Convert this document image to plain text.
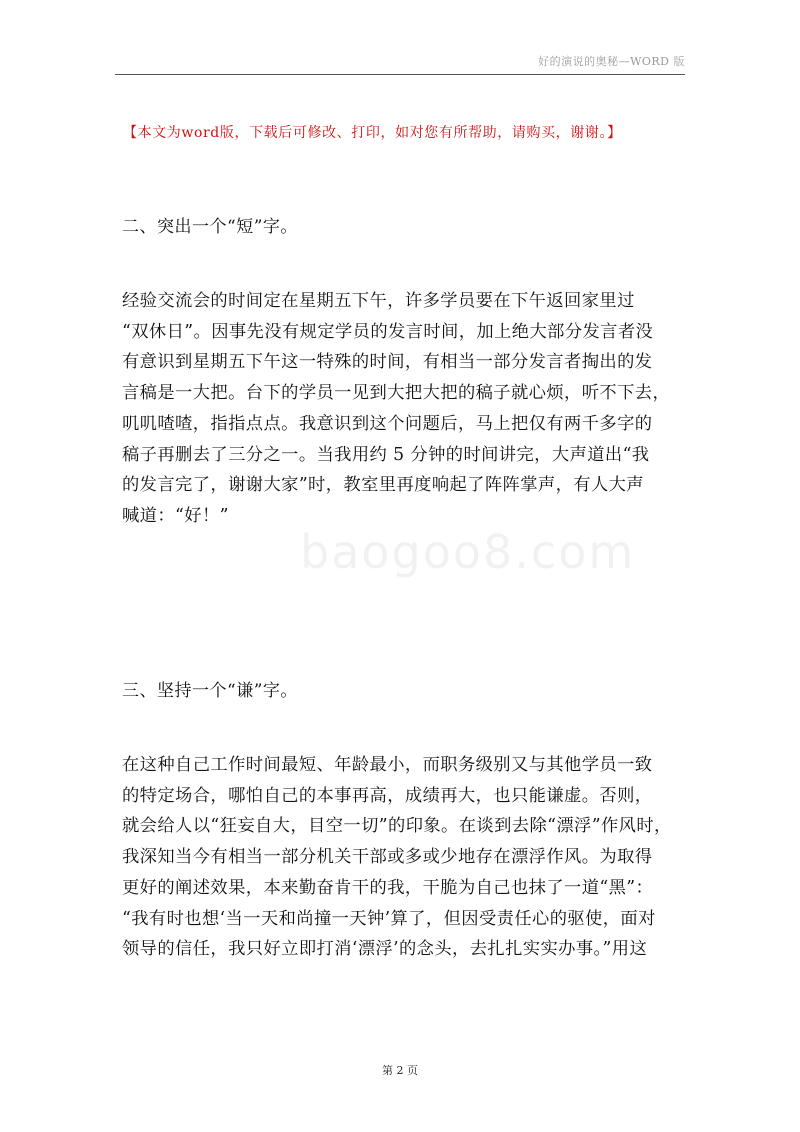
好的演说的奥秘—WORD 版
【本文为word版，下载后可修改、打印，如对您有所帮助，请购买，谢谢。】
二、突出一个“短”字。
经验交流会的时间定在星期五下午，许多学员要在下午返回家里过
“双休日”。因事先没有规定学员的发言时间，加上绝大部分发言者没
有意识到星期五下午这一特殊的时间，有相当一部分发言者掏出的发
言稿是一大把。台下的学员一见到大把大把的稿子就心烦，听不下去，
叽叽喳喳，指指点点。我意识到这个问题后，马上把仅有两千多字的
稿子再删去了三分之一。当我用约 5 分钟的时间讲完，大声道出“我
的发言完了，谢谢大家”时，教室里再度响起了阵阵掌声，有人大声
喊道：“好！”
三、坚持一个“谦”字。
在这种自己工作时间最短、年龄最小，而职务级别又与其他学员一致
的特定场合，哪怕自己的本事再高，成绩再大，也只能谦虚。否则，
就会给人以“狂妄自大，目空一切”的印象。在谈到去除“漂浮”作风时，
我深知当今有相当一部分机关干部或多或少地存在漂浮作风。为取得
更好的阐述效果，本来勤奋肯干的我，干脆为自己也抹了一道“黑”：
“我有时也想‘当一天和尚撞一天钟’算了，但因受责任心的驱使，面对
领导的信任，我只好立即打消‘漂浮’的念头，去扎扎实实办事。”用这
baogoo8.com
第 2 页
